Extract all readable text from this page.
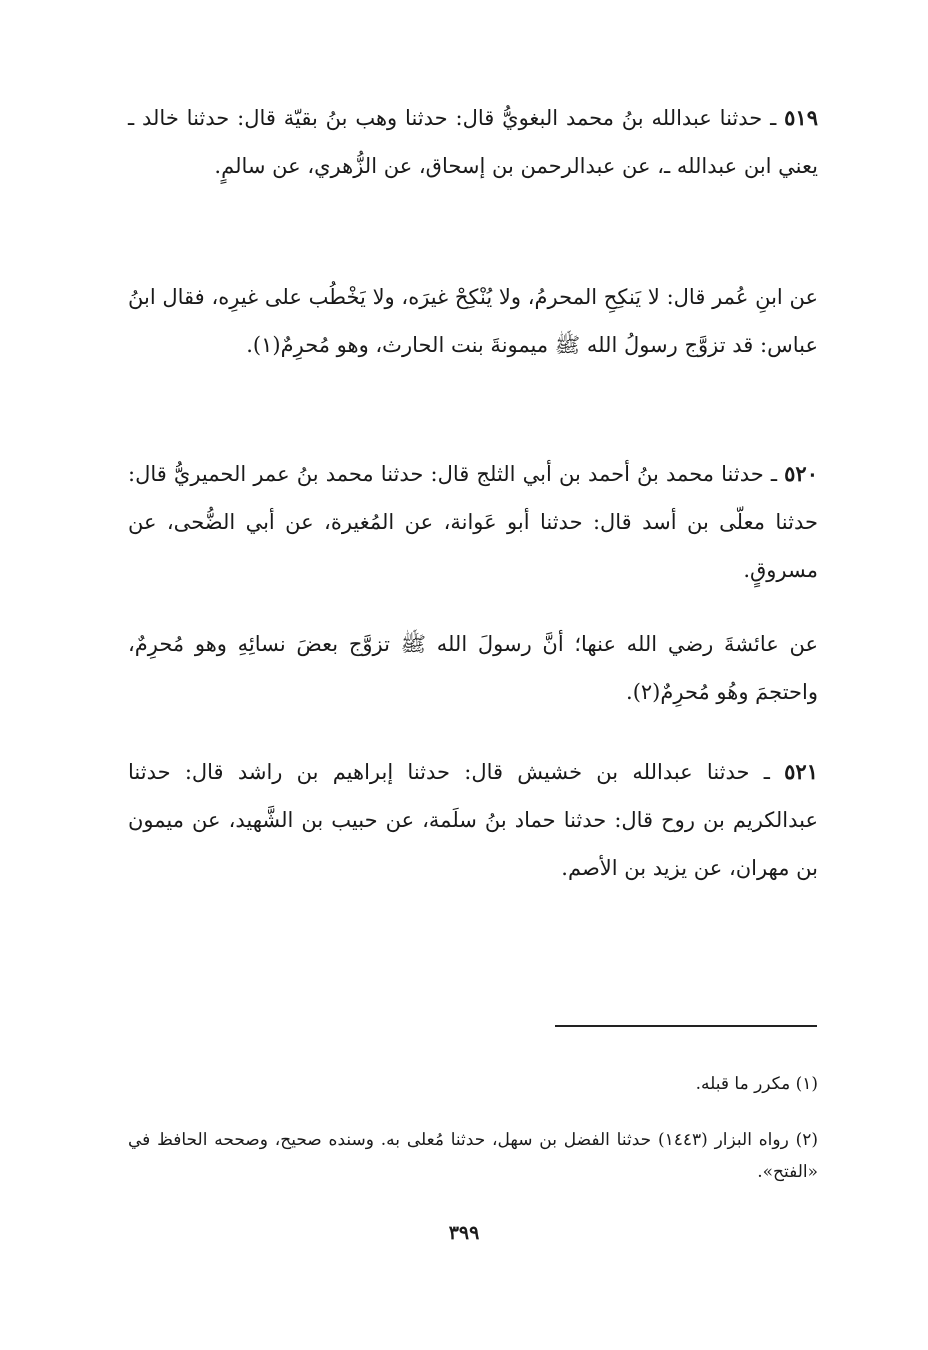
٥١٩ ـ حدثنا عبدالله بنُ محمد البغويُّ قال: حدثنا وهب بنُ بقيّة قال: حدثنا خالد ـ يعني ابن عبدالله ـ، عن عبدالرحمن بن إسحاق، عن الزُّهري، عن سالمٍ.

عن ابنِ عُمر قال: لا يَنكِحِ المحرمُ، ولا يُنْكِحْ غيرَه، ولا يَخْطُب على غيرِه، فقال ابنُ عباس: قد تزوَّج رسولُ الله ﷺ ميمونةَ بنت الحارث، وهو مُحرِمٌ(١).

٥٢٠ ـ حدثنا محمد بنُ أحمد بن أبي الثلج قال: حدثنا محمد بنُ عمر الحميريُّ قال: حدثنا معلّى بن أسد قال: حدثنا أبو عَوانة، عن المُغيرة، عن أبي الضُّحى، عن مسروقٍ.

عن عائشةَ رضي الله عنها؛ أنَّ رسولَ الله ﷺ تزوَّج بعضَ نسائِهِ وهو مُحرِمٌ، واحتجمَ وهُو مُحرِمٌ(٢).

٥٢١ ـ حدثنا عبدالله بن خشيش قال: حدثنا إبراهيم بن راشد قال: حدثنا عبدالكريم بن روح قال: حدثنا حماد بنُ سلَمة، عن حبيب بن الشَّهيد، عن ميمون بن مهران، عن يزيد بن الأصم.

(١) مكرر ما قبله.

(٢) رواه البزار (١٤٤٣) حدثنا الفضل بن سهل، حدثنا مُعلى به. وسنده صحيح، وصححه الحافظ في «الفتح».

٣٩٩
